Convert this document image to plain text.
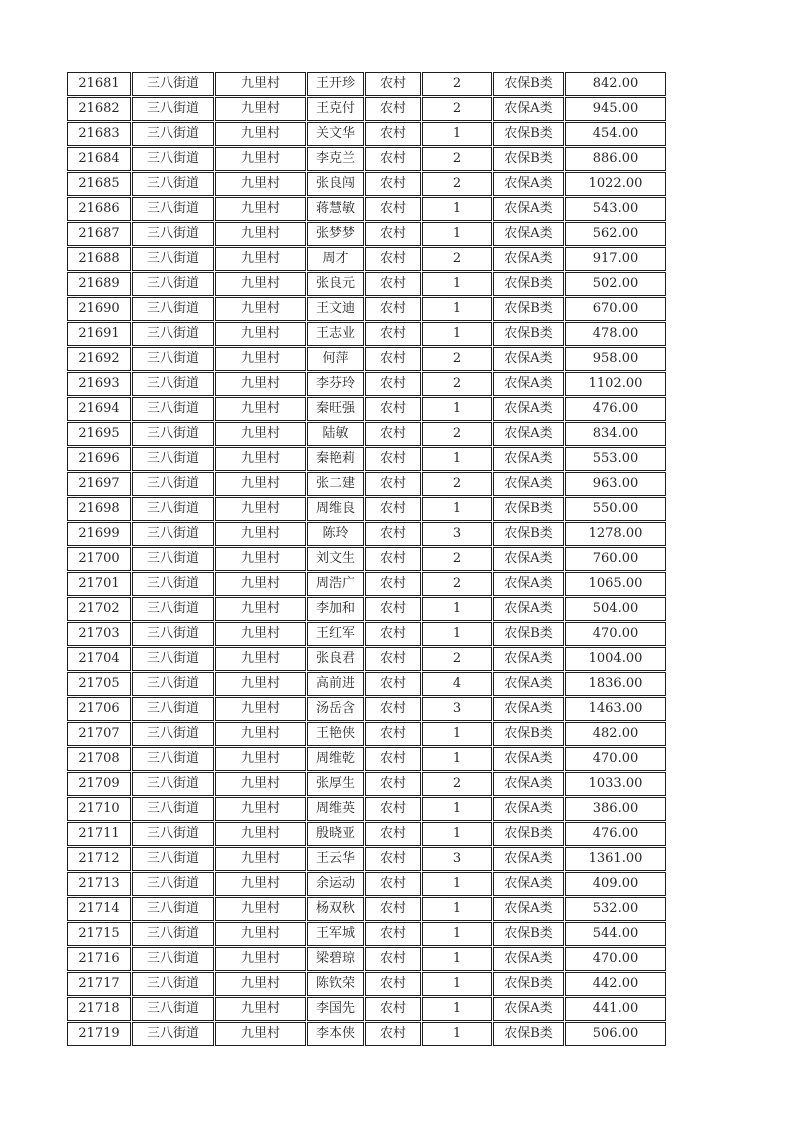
21681	三八街道	九里村	王开珍	农村	2	农保B类	842.00
21682	三八街道	九里村	王克付	农村	2	农保A类	945.00
21683	三八街道	九里村	关文华	农村	1	农保B类	454.00
21684	三八街道	九里村	李克兰	农村	2	农保B类	886.00
21685	三八街道	九里村	张良闯	农村	2	农保A类	1022.00
21686	三八街道	九里村	蒋慧敏	农村	1	农保A类	543.00
21687	三八街道	九里村	张梦梦	农村	1	农保A类	562.00
21688	三八街道	九里村	周才	农村	2	农保A类	917.00
21689	三八街道	九里村	张良元	农村	1	农保B类	502.00
21690	三八街道	九里村	王文迪	农村	1	农保B类	670.00
21691	三八街道	九里村	王志业	农村	1	农保B类	478.00
21692	三八街道	九里村	何萍	农村	2	农保A类	958.00
21693	三八街道	九里村	李芬玲	农村	2	农保A类	1102.00
21694	三八街道	九里村	秦旺强	农村	1	农保A类	476.00
21695	三八街道	九里村	陆敏	农村	2	农保A类	834.00
21696	三八街道	九里村	秦艳莉	农村	1	农保A类	553.00
21697	三八街道	九里村	张二建	农村	2	农保A类	963.00
21698	三八街道	九里村	周维良	农村	1	农保B类	550.00
21699	三八街道	九里村	陈玲	农村	3	农保B类	1278.00
21700	三八街道	九里村	刘文生	农村	2	农保A类	760.00
21701	三八街道	九里村	周浩广	农村	2	农保A类	1065.00
21702	三八街道	九里村	李加和	农村	1	农保A类	504.00
21703	三八街道	九里村	王红军	农村	1	农保B类	470.00
21704	三八街道	九里村	张良君	农村	2	农保A类	1004.00
21705	三八街道	九里村	高前进	农村	4	农保A类	1836.00
21706	三八街道	九里村	汤岳含	农村	3	农保A类	1463.00
21707	三八街道	九里村	王艳侠	农村	1	农保B类	482.00
21708	三八街道	九里村	周维乾	农村	1	农保A类	470.00
21709	三八街道	九里村	张厚生	农村	2	农保A类	1033.00
21710	三八街道	九里村	周维英	农村	1	农保A类	386.00
21711	三八街道	九里村	殷晓亚	农村	1	农保B类	476.00
21712	三八街道	九里村	王云华	农村	3	农保A类	1361.00
21713	三八街道	九里村	余运动	农村	1	农保A类	409.00
21714	三八街道	九里村	杨双秋	农村	1	农保A类	532.00
21715	三八街道	九里村	王军城	农村	1	农保B类	544.00
21716	三八街道	九里村	梁碧琼	农村	1	农保A类	470.00
21717	三八街道	九里村	陈钦荣	农村	1	农保B类	442.00
21718	三八街道	九里村	李国先	农村	1	农保A类	441.00
21719	三八街道	九里村	李本侠	农村	1	农保B类	506.00
